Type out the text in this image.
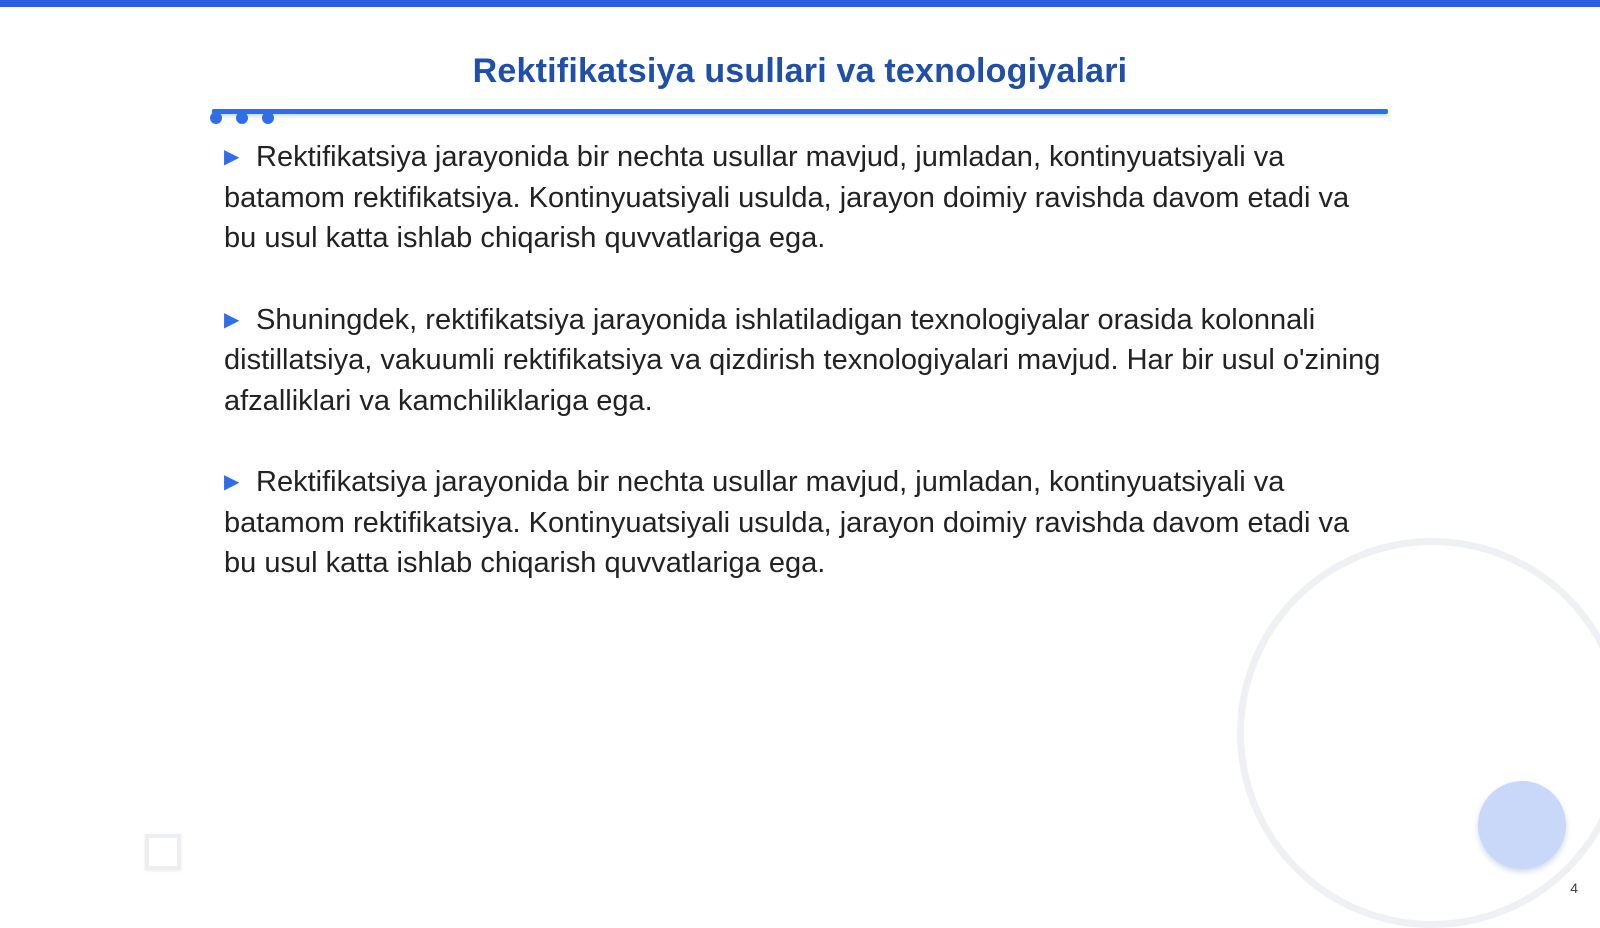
Rektifikatsiya usullari va texnologiyalari

▶ Rektifikatsiya jarayonida bir nechta usullar mavjud, jumladan, kontinyuatsiyali va batamom rektifikatsiya. Kontinyuatsiyali usulda, jarayon doimiy ravishda davom etadi va bu usul katta ishlab chiqarish quvvatlariga ega.

▶ Shuningdek, rektifikatsiya jarayonida ishlatiladigan texnologiyalar orasida kolonnali distillatsiya, vakuumli rektifikatsiya va qizdirish texnologiyalari mavjud. Har bir usul o'zining afzalliklari va kamchiliklariga ega.

▶ Rektifikatsiya jarayonida bir nechta usullar mavjud, jumladan, kontinyuatsiyali va batamom rektifikatsiya. Kontinyuatsiyali usulda, jarayon doimiy ravishda davom etadi va bu usul katta ishlab chiqarish quvvatlariga ega.

4
